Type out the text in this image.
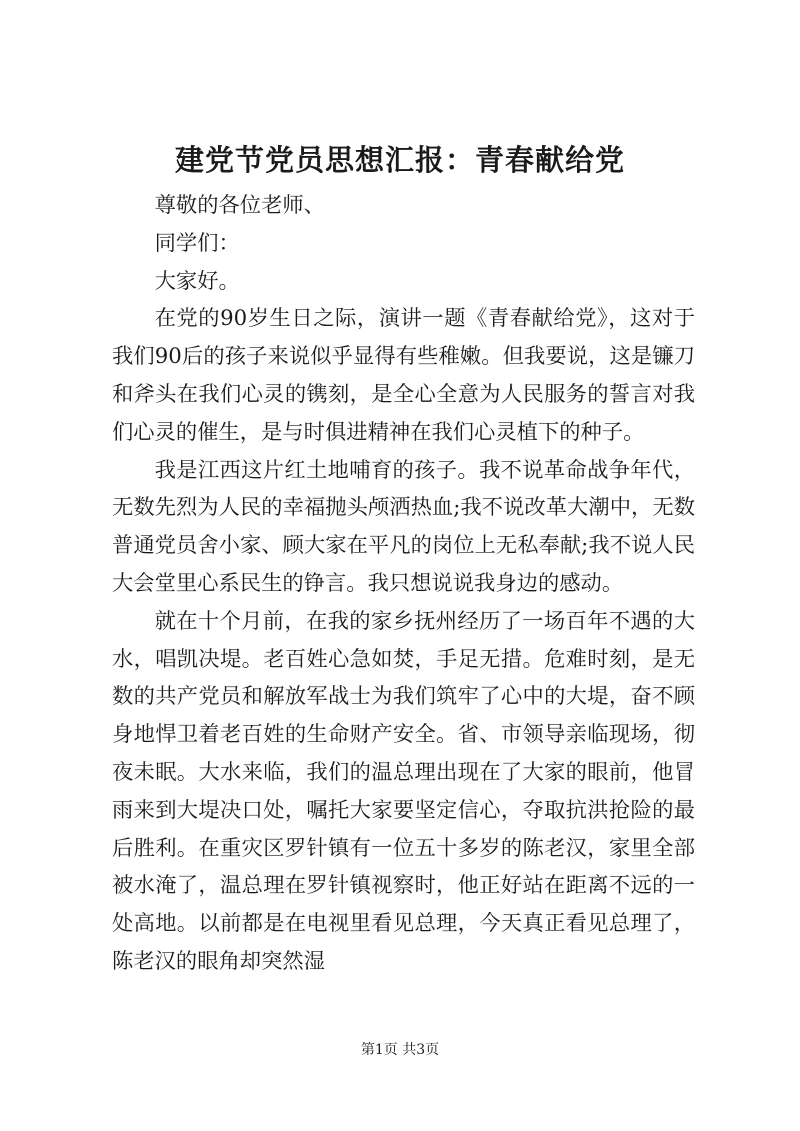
建党节党员思想汇报：青春献给党

尊敬的各位老师、

同学们：

大家好。

在党的90岁生日之际，演讲一题《青春献给党》，这对于我们90后的孩子来说似乎显得有些稚嫩。但我要说，这是镰刀和斧头在我们心灵的镌刻，是全心全意为人民服务的誓言对我们心灵的催生，是与时俱进精神在我们心灵植下的种子。

我是江西这片红土地哺育的孩子。我不说革命战争年代，无数先烈为人民的幸福抛头颅洒热血;我不说改革大潮中，无数普通党员舍小家、顾大家在平凡的岗位上无私奉献;我不说人民大会堂里心系民生的铮言。我只想说说我身边的感动。

就在十个月前，在我的家乡抚州经历了一场百年不遇的大水，唱凯决堤。老百姓心急如焚，手足无措。危难时刻，是无数的共产党员和解放军战士为我们筑牢了心中的大堤，奋不顾身地悍卫着老百姓的生命财产安全。省、市领导亲临现场，彻夜未眠。大水来临，我们的温总理出现在了大家的眼前，他冒雨来到大堤决口处，嘱托大家要坚定信心，夺取抗洪抢险的最后胜利。在重灾区罗针镇有一位五十多岁的陈老汉，家里全部被水淹了，温总理在罗针镇视察时，他正好站在距离不远的一处高地。以前都是在电视里看见总理，今天真正看见总理了，陈老汉的眼角却突然湿

第1页 共3页
